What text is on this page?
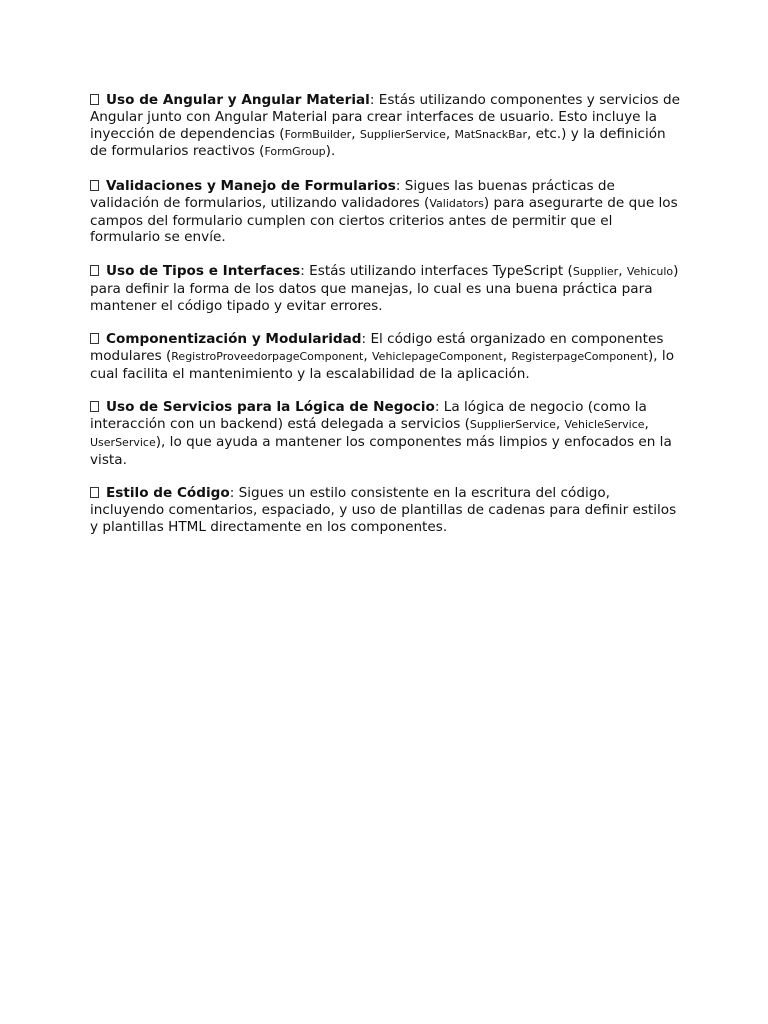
Uso de Angular y Angular Material: Estás utilizando componentes y servicios de Angular junto con Angular Material para crear interfaces de usuario. Esto incluye la inyección de dependencias (FormBuilder, SupplierService, MatSnackBar, etc.) y la definición de formularios reactivos (FormGroup).

Validaciones y Manejo de Formularios: Sigues las buenas prácticas de validación de formularios, utilizando validadores (Validators) para asegurarte de que los campos del formulario cumplen con ciertos criterios antes de permitir que el formulario se envíe.

Uso de Tipos e Interfaces: Estás utilizando interfaces TypeScript (Supplier, Vehiculo) para definir la forma de los datos que manejas, lo cual es una buena práctica para mantener el código tipado y evitar errores.

Componentización y Modularidad: El código está organizado en componentes modulares (RegistroProveedorpageComponent, VehiclepageComponent, RegisterpageComponent), lo cual facilita el mantenimiento y la escalabilidad de la aplicación.

Uso de Servicios para la Lógica de Negocio: La lógica de negocio (como la interacción con un backend) está delegada a servicios (SupplierService, VehicleService, UserService), lo que ayuda a mantener los componentes más limpios y enfocados en la vista.

Estilo de Código: Sigues un estilo consistente en la escritura del código, incluyendo comentarios, espaciado, y uso de plantillas de cadenas para definir estilos y plantillas HTML directamente en los componentes.
